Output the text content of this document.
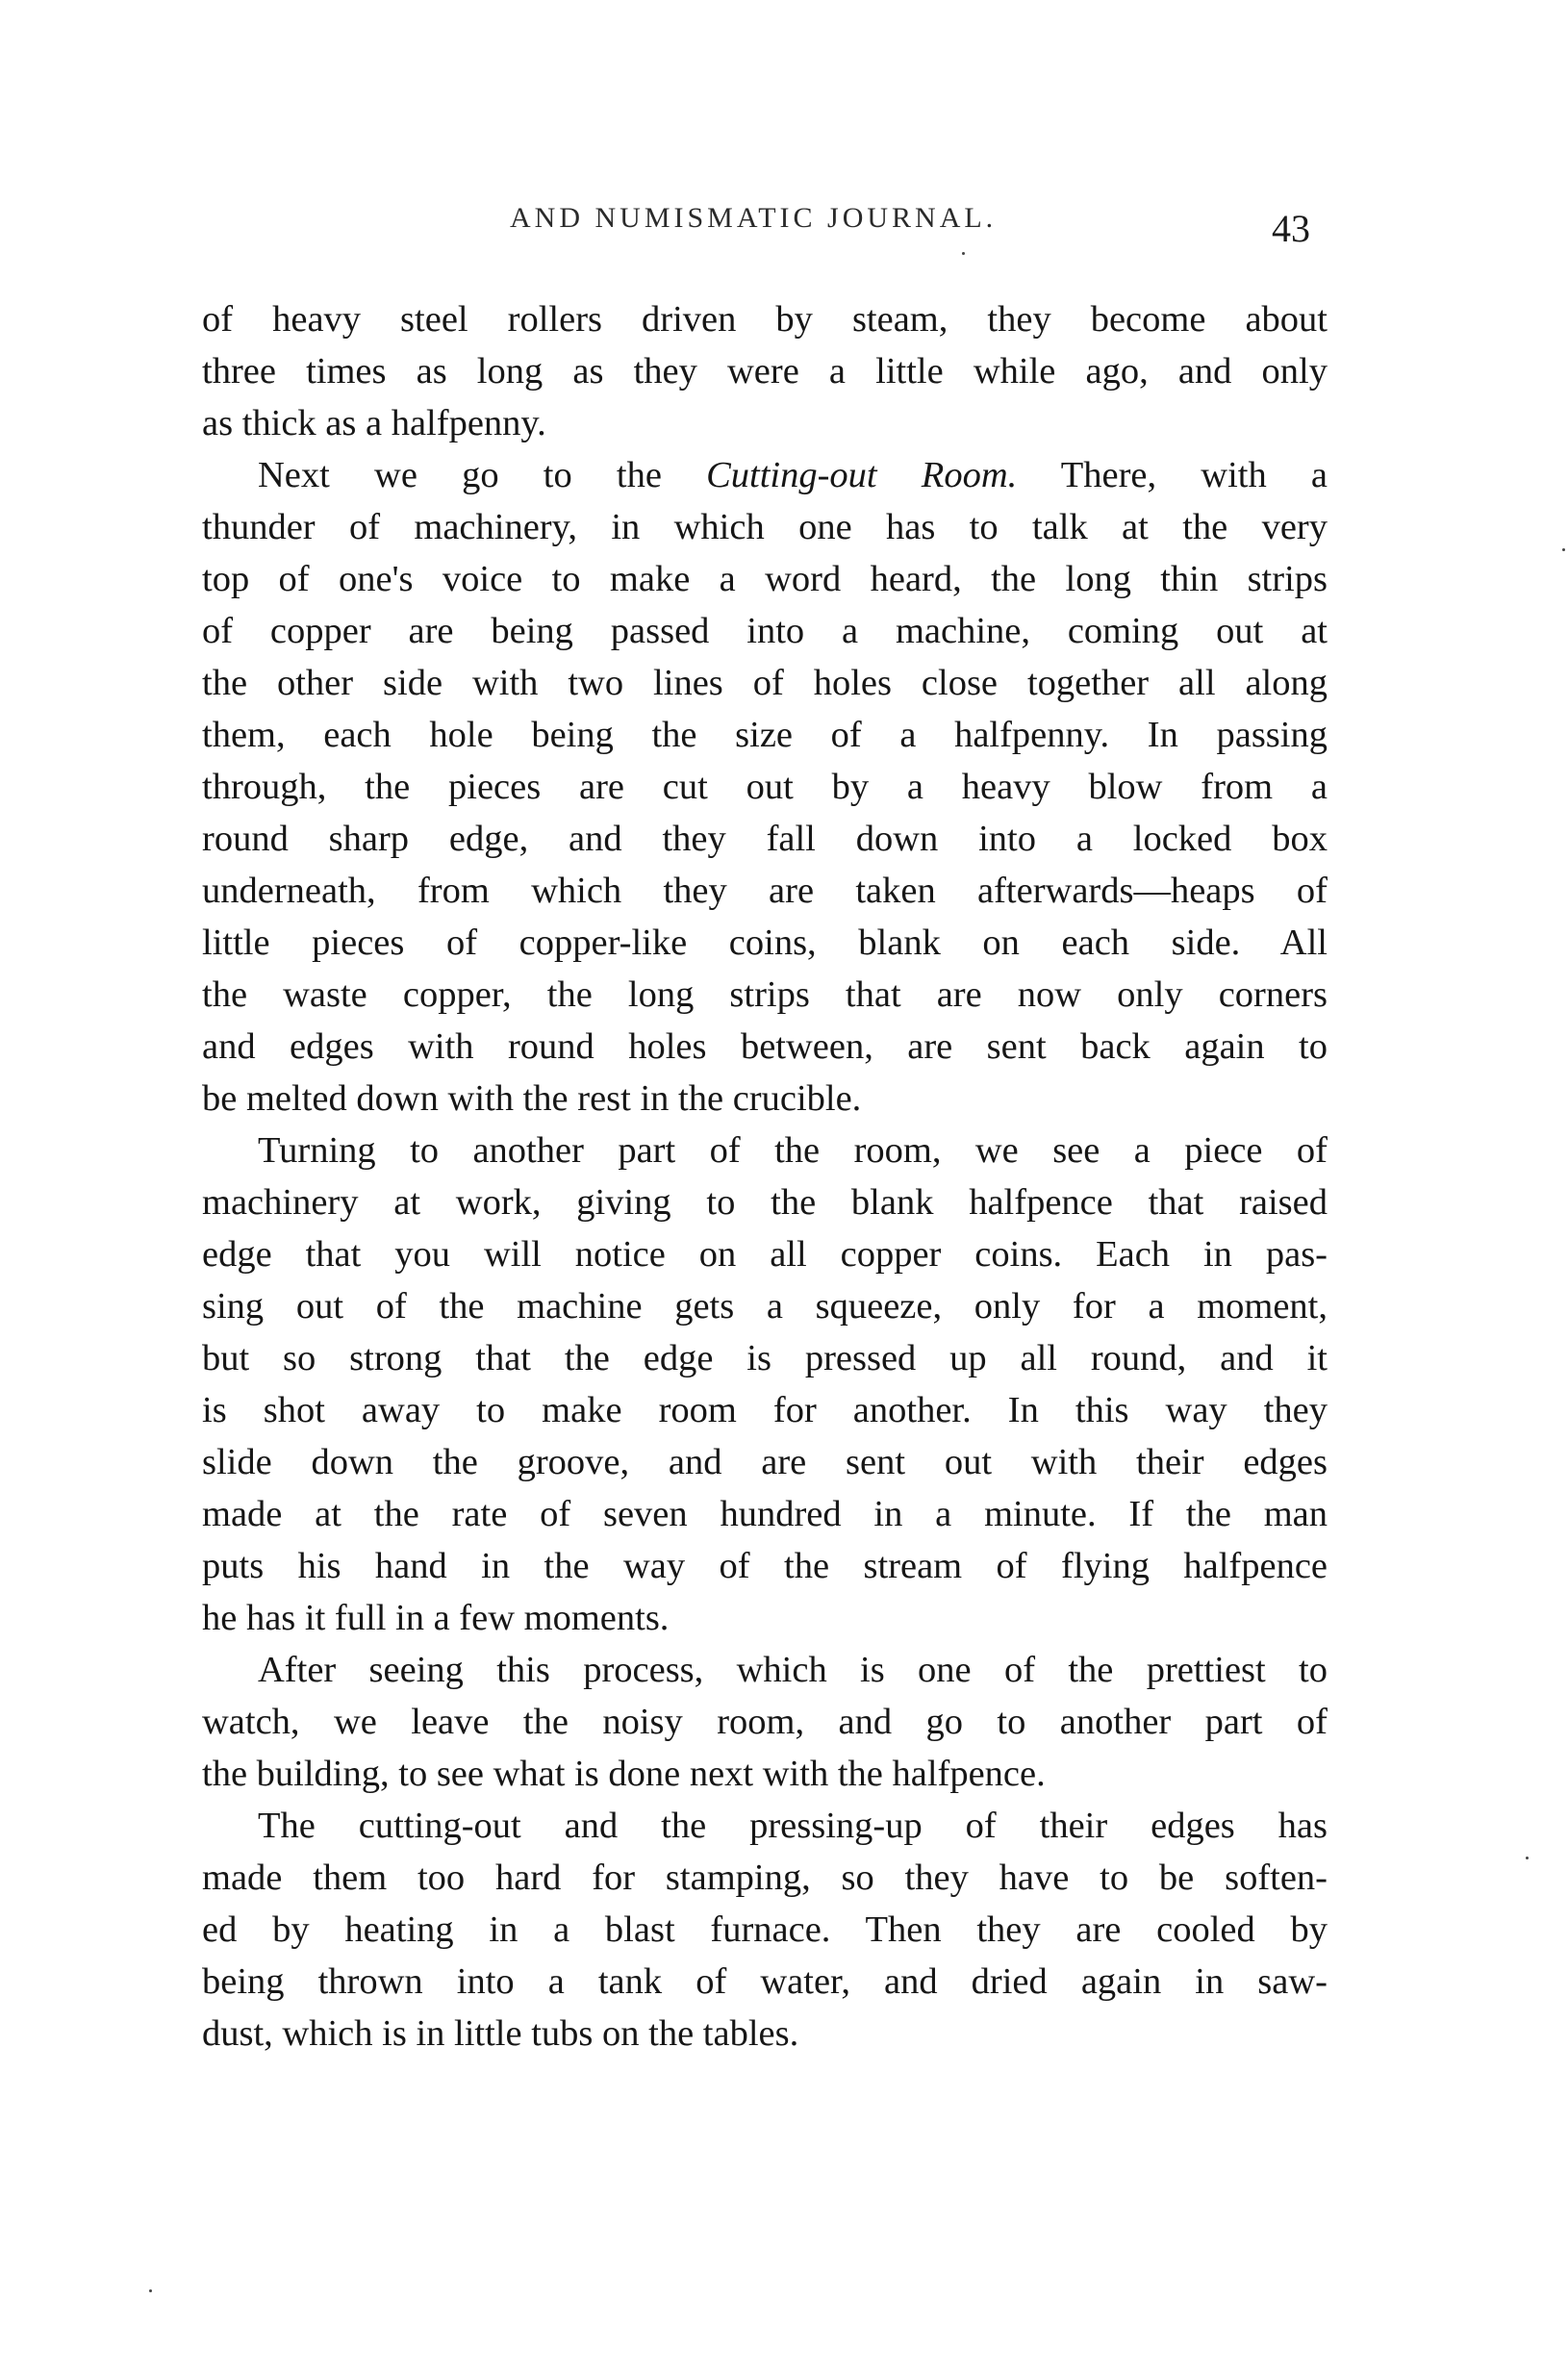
AND NUMISMATIC JOURNAL.	43
of heavy steel rollers driven by steam, they become about
three times as long as they were a little while ago, and only
as thick as a halfpenny.
Next we go to the Cutting-out Room. There, with a
thunder of machinery, in which one has to talk at the very
top of one's voice to make a word heard, the long thin strips
of copper are being passed into a machine, coming out at
the other side with two lines of holes close together all along
them, each hole being the size of a halfpenny. In passing
through, the pieces are cut out by a heavy blow from a
round sharp edge, and they fall down into a locked box
underneath, from which they are taken afterwards—heaps of
little pieces of copper-like coins, blank on each side. All
the waste copper, the long strips that are now only corners
and edges with round holes between, are sent back again to
be melted down with the rest in the crucible.
Turning to another part of the room, we see a piece of
machinery at work, giving to the blank halfpence that raised
edge that you will notice on all copper coins. Each in pas-
sing out of the machine gets a squeeze, only for a moment,
but so strong that the edge is pressed up all round, and it
is shot away to make room for another. In this way they
slide down the groove, and are sent out with their edges
made at the rate of seven hundred in a minute. If the man
puts his hand in the way of the stream of flying halfpence
he has it full in a few moments.
After seeing this process, which is one of the prettiest to
watch, we leave the noisy room, and go to another part of
the building, to see what is done next with the halfpence.
The cutting-out and the pressing-up of their edges has
made them too hard for stamping, so they have to be soften-
ed by heating in a blast furnace. Then they are cooled by
being thrown into a tank of water, and dried again in saw-
dust, which is in little tubs on the tables.
